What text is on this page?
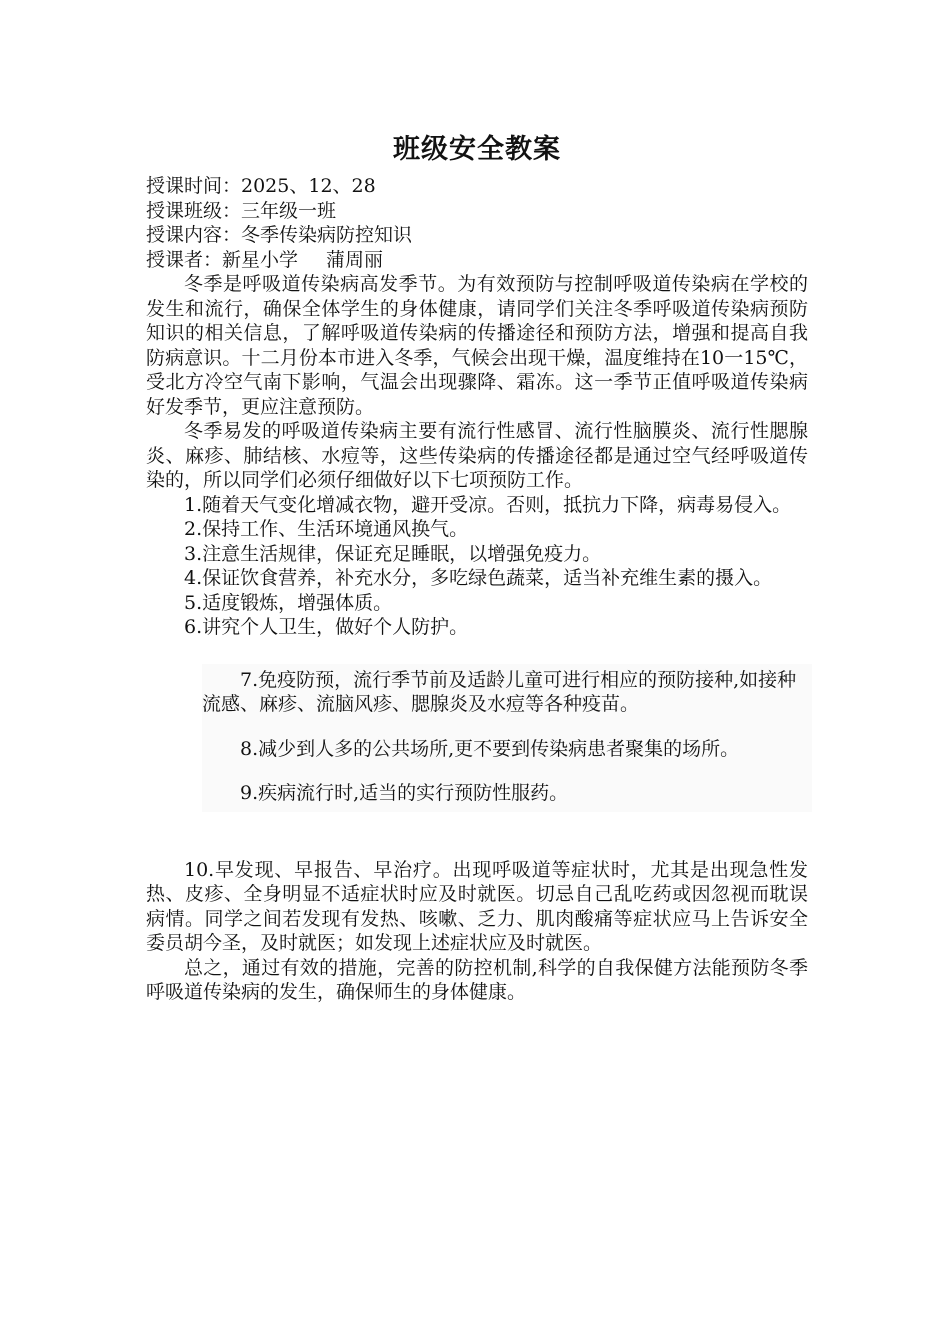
班级安全教案

授课时间：2025、12、28

授课班级：三年级一班

授课内容：冬季传染病防控知识

授课者：新星小学 蒲周丽

冬季是呼吸道传染病高发季节。为有效预防与控制呼吸道传染病在学校的发生和流行，确保全体学生的身体健康，请同学们关注冬季呼吸道传染病预防知识的相关信息，了解呼吸道传染病的传播途径和预防方法，增强和提高自我防病意识。十二月份本市进入冬季，气候会出现干燥，温度维持在10一15℃，受北方冷空气南下影响，气温会出现骤降、霜冻。这一季节正值呼吸道传染病好发季节，更应注意预防。

冬季易发的呼吸道传染病主要有流行性感冒、流行性脑膜炎、流行性腮腺炎、麻疹、肺结核、水痘等，这些传染病的传播途径都是通过空气经呼吸道传染的，所以同学们必须仔细做好以下七项预防工作。

1.随着天气变化增减衣物，避开受凉。否则，抵抗力下降，病毒易侵入。

2.保持工作、生活环境通风换气。

3.注意生活规律，保证充足睡眠，以增强免疫力。

4.保证饮食营养，补充水分，多吃绿色蔬菜，适当补充维生素的摄入。

5.适度锻炼，增强体质。

6.讲究个人卫生，做好个人防护。

7.免疫防预，流行季节前及适龄儿童可进行相应的预防接种,如接种流感、麻疹、流脑风疹、腮腺炎及水痘等各种疫苗。

8.减少到人多的公共场所,更不要到传染病患者聚集的场所。

9.疾病流行时,适当的实行预防性服药。

10.早发现、早报告、早治疗。出现呼吸道等症状时，尤其是出现急性发热、皮疹、全身明显不适症状时应及时就医。切忌自己乱吃药或因忽视而耽误病情。同学之间若发现有发热、咳嗽、乏力、肌肉酸痛等症状应马上告诉安全委员胡今圣，及时就医；如发现上述症状应及时就医。

总之，通过有效的措施，完善的防控机制,科学的自我保健方法能预防冬季呼吸道传染病的发生，确保师生的身体健康。
